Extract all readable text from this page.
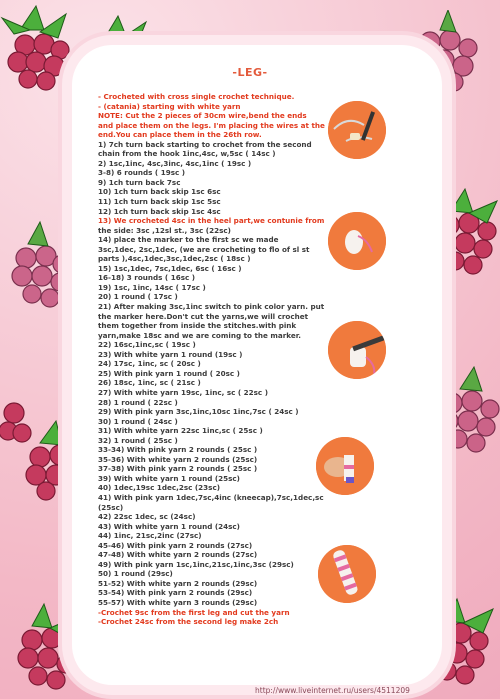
-LEG-
- Crocheted with cross single crochet technique.
- (catania) starting with white yarn
NOTE: Cut the 2 pieces of 30cm wire,bend the ends
and place them on the legs. I'm placing the wires at the
end.You can place them in the 26th row.
1) 7ch turn back starting to crochet from the second
chain from the hook 1inc,4sc, w,5sc ( 14sc )
2) 1sc,1inc, 4sc,3inc, 4sc,1inc ( 19sc )
3-8) 6 rounds ( 19sc )
9) 1ch turn back 7sc
10) 1ch turn back skip 1sc 6sc
11) 1ch turn back skip 1sc 5sc
12) 1ch turn back skip 1sc 4sc
13) We crocheted 4sc in the heel part,we contunie from
the side: 3sc ,12sl st., 3sc (22sc)
14) place the marker to the first sc we made
3sc,1dec, 2sc,1dec, (we are crocheting to flo of sl st
parts ),4sc,1dec,3sc,1dec,2sc ( 18sc )
15) 1sc,1dec, 7sc,1dec, 6sc ( 16sc )
16-18) 3 rounds ( 16sc )
19) 1sc, 1inc, 14sc ( 17sc )
20) 1 round ( 17sc )
21) After making 3sc,1inc switch to pink color yarn. put
the marker here.Don't cut the yarns,we will crochet
them together from inside the stitches.with pink
yarn,make 18sc and we are coming to the marker.
22) 16sc,1inc,sc ( 19sc )
23) With white yarn 1 round (19sc )
24) 17sc, 1inc, sc ( 20sc )
25) With pink yarn 1 round ( 20sc )
26) 18sc, 1inc, sc ( 21sc )
27) With white yarn 19sc, 1inc, sc ( 22sc )
28) 1 round ( 22sc )
29) With pink yarn 3sc,1inc,10sc 1inc,7sc ( 24sc )
30) 1 round ( 24sc )
31) With white yarn 22sc 1inc,sc ( 25sc )
32) 1 round ( 25sc )
33-34) With pink yarn 2 rounds ( 25sc )
35-36) With white yarn 2 rounds (25sc)
37-38) With pink yarn 2 rounds ( 25sc )
39) With white yarn 1 round (25sc)
40) 1dec,19sc 1dec,2sc (23sc)
41) With pink yarn 1dec,7sc,4inc (kneecap),7sc,1dec,sc
(25sc)
42) 22sc 1dec, sc (24sc)
43) With white yarn 1 round (24sc)
44) 1inc, 21sc,2inc (27sc)
45-46) With pink yarn 2 rounds (27sc)
47-48) With white yarn 2 rounds (27sc)
49) With pink yarn 1sc,1inc,21sc,1inc,3sc (29sc)
50) 1 round (29sc)
51-52) With white yarn 2 rounds (29sc)
53-54) With pink yarn 2 rounds (29sc)
55-57) With white yarn 3 rounds (29sc)
-Crochet 9sc from the first leg and cut the yarn
-Crochet 24sc from the second leg make 2ch
http://www.liveinternet.ru/users/4511209
